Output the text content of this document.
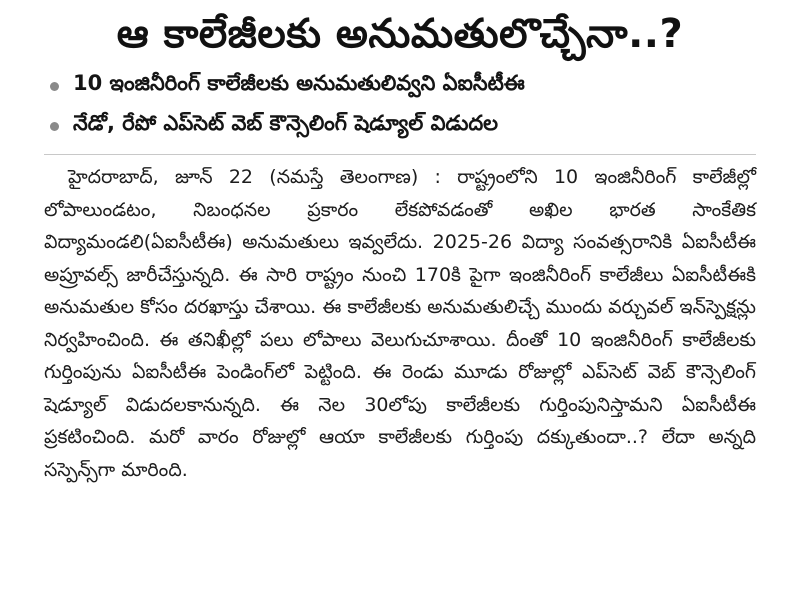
ఆ కాలేజీలకు అనుమతులొచ్చేనా..?
10 ఇంజినీరింగ్ కాలేజీలకు అనుమతులివ్వని ఏఐసీటీఈ
నేడో, రేపో ఎప్‌సెట్ వెబ్ కౌన్సెలింగ్ షెడ్యూల్ విడుదల

హైదరాబాద్, జూన్ 22 (నమస్తే తెలంగాణ) : రాష్ట్రంలోని 10 ఇంజినీరింగ్ కాలేజీల్లో లోపాలుండటం, నిబంధనల ప్రకారం లేకపోవడంతో అఖిల భారత సాంకేతిక విద్యామండలి(ఏఐసీటీఈ) అనుమతులు ఇవ్వలేదు. 2025-26 విద్యా సంవత్సరానికి ఏఐసీటీఈ అప్రూవల్స్ జారీచేస్తున్నది. ఈ సారి రాష్ట్రం నుంచి 170కి పైగా ఇంజినీరింగ్ కాలేజీలు ఏఐసీటీఈకి అనుమతుల కోసం దరఖాస్తు చేశాయి. ఈ కాలేజీలకు అనుమతులిచ్చే ముందు వర్చువల్ ఇన్‌స్పెక్షన్లు నిర్వహించింది. ఈ తనిఖీల్లో పలు లోపాలు వెలుగుచూశాయి. దీంతో 10 ఇంజినీరింగ్ కాలేజీలకు గుర్తింపును ఏఐసీటీఈ పెండింగ్‌లో పెట్టింది. ఈ రెండు మూడు రోజుల్లో ఎప్‌సెట్ వెబ్ కౌన్సెలింగ్ షెడ్యూల్ విడుదలకానున్నది. ఈ నెల 30లోపు కాలేజీలకు గుర్తింపునిస్తామని ఏఐసీటీఈ ప్రకటించింది. మరో వారం రోజుల్లో ఆయా కాలేజీలకు గుర్తింపు దక్కుతుందా..? లేదా అన్నది సస్పెన్స్‌గా మారింది.
